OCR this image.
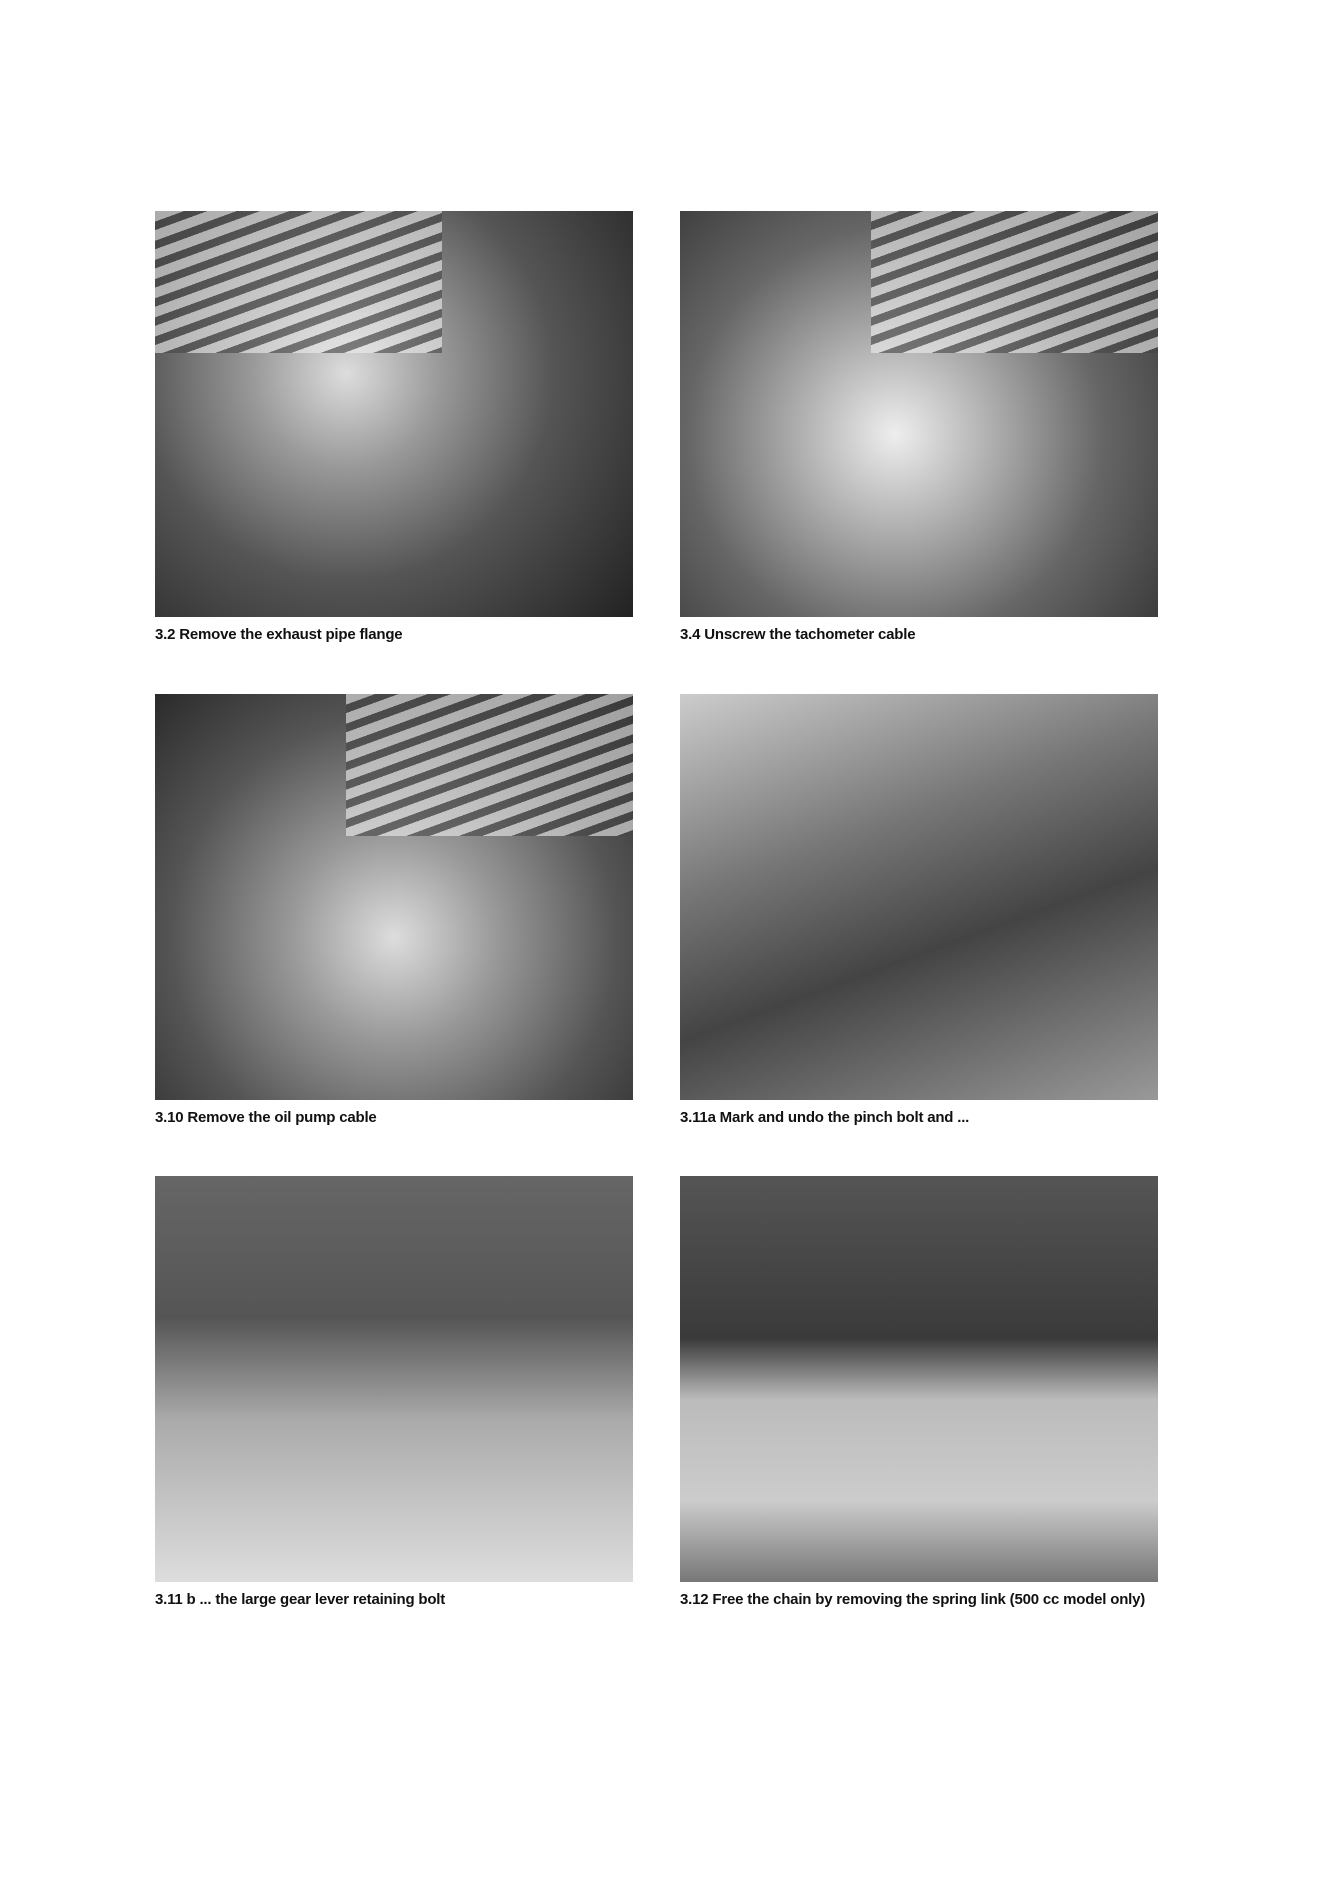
3.2 Remove the exhaust pipe flange	3.4 Unscrew the tachometer cable
3.10 Remove the oil pump cable	3.11a Mark and undo the pinch bolt and ...
3.11 b ... the large gear lever retaining bolt	3.12 Free the chain by removing the spring link (500 cc model only)
